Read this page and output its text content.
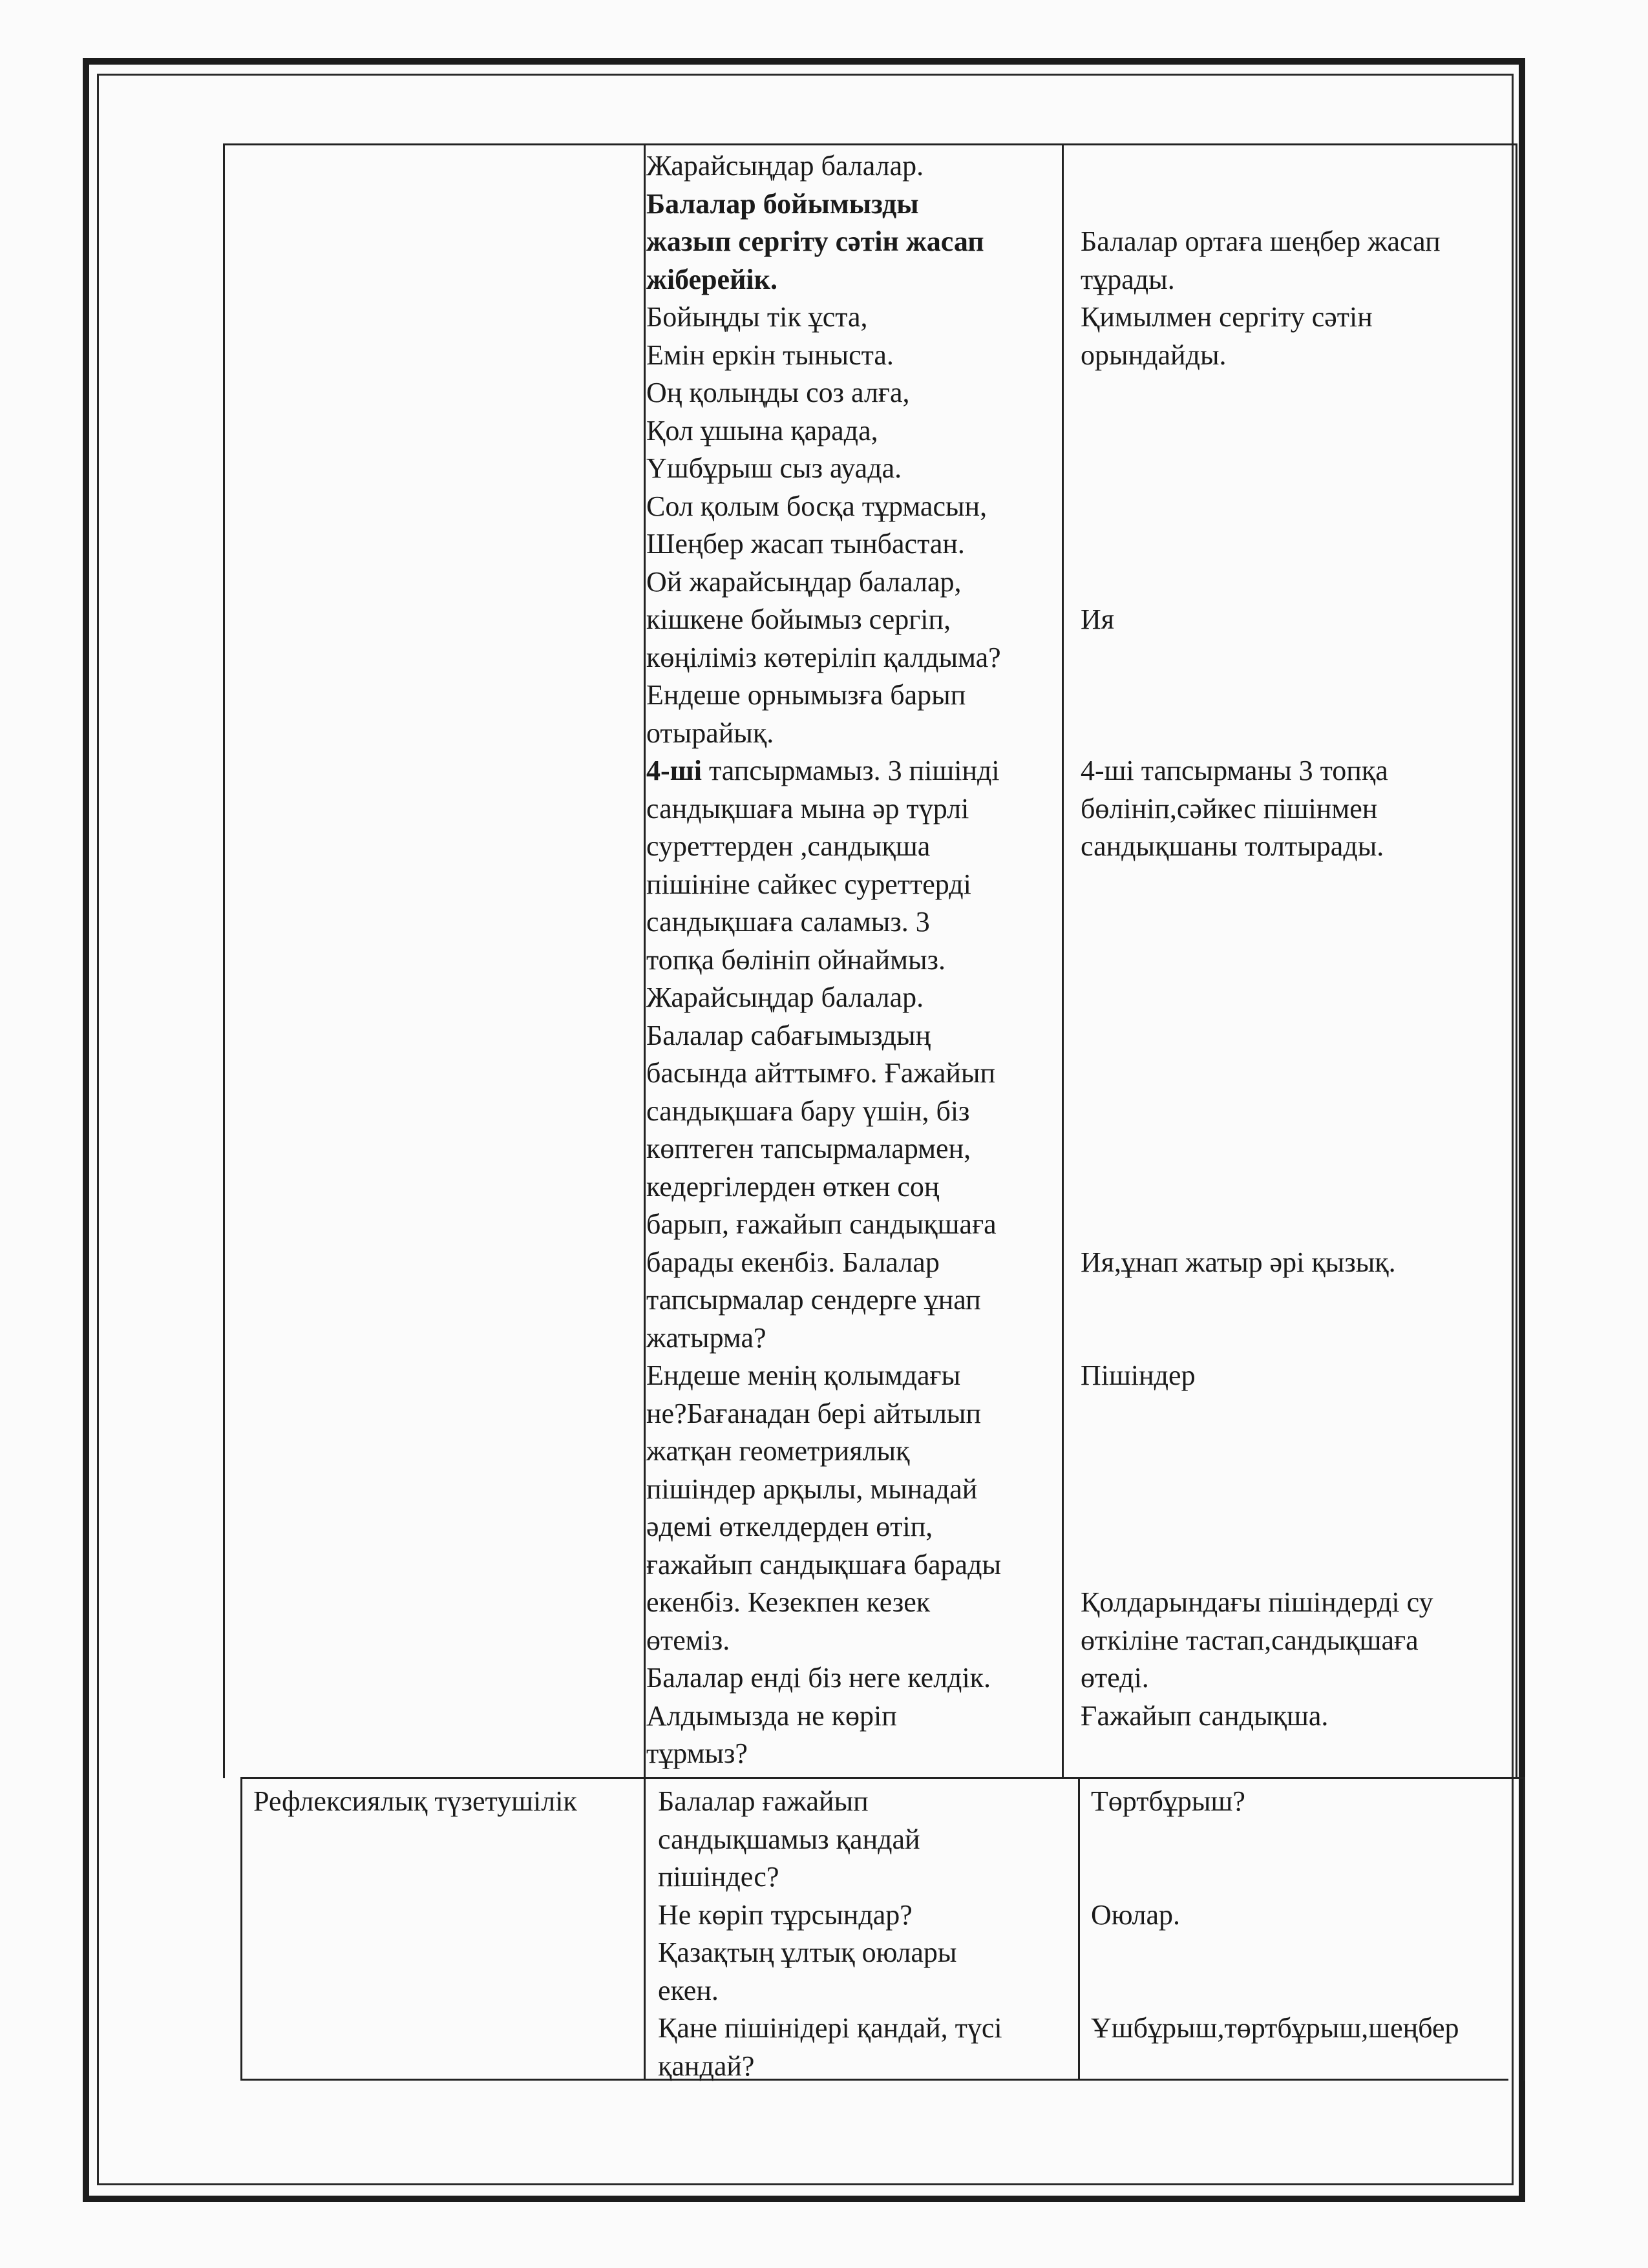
Жарайсыңдар балалар.
Балалар бойымызды
жазып сергіту сәтін жасап
жіберейік.
Бойыңды тік ұста,
Емін еркін тыныста.
Оң қолыңды соз алға,
Қол ұшына қарада,
Үшбұрыш сыз ауада.
Сол қолым босқа тұрмасын,
Шеңбер жасап тынбастан.
Ой жарайсыңдар балалар,
кішкене бойымыз сергіп,
көңіліміз көтеріліп қалдыма?
Ендеше орнымызға барып
отырайық.
4-ші тапсырмамыз. 3 пішінді
сандықшаға мына әр түрлі
суреттерден ,сандықша
пішініне сайкес суреттерді
сандықшаға саламыз. 3
топқа бөлініп ойнаймыз.
Жарайсыңдар балалар.
Балалар сабағымыздың
басында айттымғо. Ғажайып
сандықшаға бару үшін, біз
көптеген тапсырмалармен,
кедергілерден өткен соң
барып, ғажайып сандықшаға
барады екенбіз. Балалар
тапсырмалар сендерге ұнап
жатырма?
Ендеше менің қолымдағы
не?Бағанадан бері айтылып
жатқан геометриялық
пішіндер арқылы, мынадай
әдемі өткелдерден өтіп,
ғажайып сандықшаға барады
екенбіз. Кезекпен кезек
өтеміз.
Балалар енді біз неге келдік.
Алдымызда не көріп
тұрмыз?
Балалар ортаға шеңбер жасап
тұрады.
Қимылмен сергіту сәтін
орындайды.
Ия
4-ші тапсырманы 3 топқа
бөлініп,сәйкес пішінмен
сандықшаны толтырады.
Ия,ұнап жатыр әрі қызық.
Пішіндер
Қолдарындағы пішіндерді су
өткіліне тастап,сандықшаға
өтеді.
Ғажайып сандықша.
Рефлексиялық түзетушілік	Балалар ғажайып
сандықшамыз қандай
пішіндес?
Не көріп тұрсындар?
Қазақтың ұлтық оюлары
екен.
Қане пішінідері қандай, түсі
қандай?
Төртбұрыш?
Оюлар.
Ұшбұрыш,төртбұрыш,шеңбер
